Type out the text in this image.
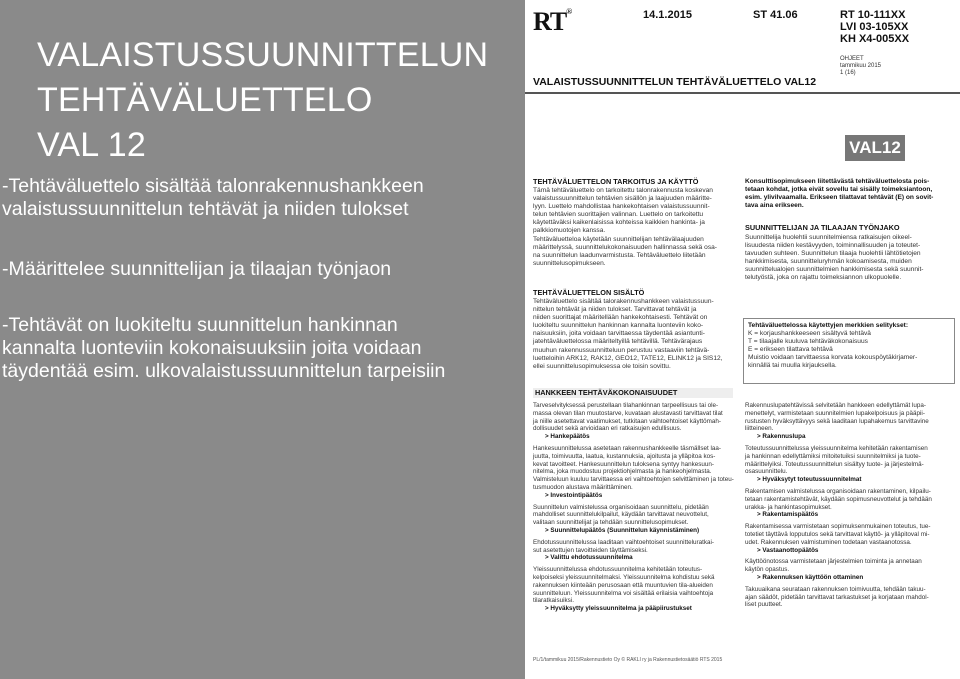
VALAISTUSSUUNNITTELUN
TEHTÄVÄLUETTELO
VAL 12
-Tehtäväluettelo sisältää talonrakennushankkeen
valaistussuunnittelun tehtävät ja niiden tulokset
-Määrittelee suunnittelijan ja tilaajan työnjaon
-Tehtävät on luokiteltu suunnittelun hankinnan
kannalta luonteviin kokonaisuuksiin joita voidaan
täydentää esim. ulkovalaistussuunnittelun tarpeisiin
RT®	14.1.2015	ST 41.06	RT 10-111XX
LVI 03-105XX
KH X4-005XX
OHJEET
tammikuu 2015
1 (16)
VALAISTUSSUUNNITTELUN TEHTÄVÄLUETTELO VAL12
VAL12
TEHTÄVÄLUETTELON TARKOITUS JA KÄYTTÖ
Tämä tehtäväluettelo on tarkoitettu talonrakennusta koskevan
valaistussuunnittelun tehtävien sisällön ja laajuuden määritte-
lyyn. Luettelo mahdollistaa hankekohtaisen valaistussuunnit-
telun tehtävien suorittajien valinnan. Luettelo on tarkoitettu
käytettäväksi kaikenlaisissa kohteissa kaikkien hankinta- ja
palkkiomuotojen kanssa.
Tehtäväluetteloa käytetään suunnittelijan tehtävälaajuuden
määrittelyssä, suunnittelukokonaisuuden hallinnassa sekä osa-
na suunnittelun laadunvarmistusta. Tehtäväluettelo liitetään
suunnittelusopimukseen.
TEHTÄVÄLUETTELON SISÄLTÖ
Tehtäväluettelo sisältää talorakennushankkeen valaistussuun-
nittelun tehtävät ja niiden tulokset. Tarvittavat tehtävät ja
niiden suorittajat määritellään hankekohtaisesti. Tehtävät on
luokiteltu suunnittelun hankinnan kannalta luonteviin koko-
naisuuksiin, joita voidaan tarvittaessa täydentää asiantunti-
jatehtäväluettelossa määriteltyillä tehtävillä. Tehtävärajaus
muuhun rakennussuunnitteluun perustuu vastaaviin tehtävä-
luetteloihin ARK12, RAK12, GEO12, TATE12, ELINK12 ja SIS12,
ellei suunnittelusopimuksessa ole toisin sovittu.
Konsulttisopimukseen liitettävästä tehtäväluettelosta pois-
tetaan kohdat, jotka eivät sovellu tai sisälly toimeksiantoon,
esim. ylivilvaamalla. Erikseen tilattavat tehtävät (E) on sovit-
tava aina erikseen.
SUUNNITTELIJAN JA TILAAJAN TYÖNJAKO
Suunnittelija huolehtii suunnitelmiensa ratkaisujen oikeel-
lisuudesta niiden kestävyyden, toiminnallisuuden ja toteutet-
tavuuden suhteen. Suunnittelun tilaaja huolehtii lähtötietojen
hankkimisesta, suunnitteluryhmän kokoamisesta, muiden
suunnittelualojen suunnittelmien hankkimisesta sekä suunnit-
telutyöstä, joka on rajattu toimeksiannon ulkopuolelle.

Tehtäväluettelossa käytettyjen merkkien selitykset:

K = korjaushankkeeseen sisältyvä tehtävä

T = tilaajalle kuuluva tehtäväkokonaisuus

E = erikseen tilattava tehtävä

Muistio voidaan tarvittaessa korvata kokouspöytäkirjamer-

kinnällä tai muulla kirjauksella.

HANKKEEN TEHTÄVÄKOKONAISUUDET
Tarveselvityksessä perustellaan tilahankinnan tarpeellisuus tai ole-
massa olevan tilan muutostarve, kuvataan alustavasti tarvittavat tilat
ja niille asetettavat vaatimukset, tutkitaan vaihtoehtoiset käyttömah-
dollisuudet sekä arvioidaan eri ratkaisujen edullisuus.
> Hankepäätös
Hankesuunnittelussa asetetaan rakennushankkeelle täsmällset laa-
juutta, toimivuutta, laatua, kustannuksia, ajoitusta ja ylläpitoa kos-
kevat tavoitteet. Hankesuunnittelun tuloksena syntyy hankesuun-
nitelma, joka muodostuu projektiohjelmasta ja hankeohjelmasta.
Valmisteluun kuuluu tarvittaessa eri vaihtoehtojen selvittäminen ja toteu-
tusmuodon alustava määrittäminen.
> Investointipäätös
Suunnittelun valmistelussa organisoidaan suunnittelu, pidetään
mahdolliset suunnittelukilpailut, käydään tarvittavat neuvottelut,
valitaan suunnittelijat ja tehdään suunnittelusopimukset.
> Suunnittelupäätös (Suunnittelun käynnistäminen)
Ehdotussuunnittelussa laaditaan vaihtoehtoiset suunnitteluratkai-
sut asetettujen tavoitteiden täyttämiseksi.
> Valittu ehdotussuunnitelma
Yleissuunnittelussa ehdotussuunnitelma kehitetään toteutus-
kelpoiseksi yleissuunnitelmaksi. Yleissuunnitelma kohdistuu sekä
rakennuksen kiinteään perusosaan että muuntuvien tila-alueiden
suunnitteluun. Yleissuunnitelma voi sisältää erilaisia vaihtoehtoja
tilaratkaisuiksi.
> Hyväksytty yleissuunnitelma ja pääpiirustukset
Rakennuslupatehtävissä selvitetään hankkeen edellyttämät lupa-
menettelyt, varmistetaan suunnitelmien lupakelpoisuus ja pääpii-
rustusten hyväksyttävyys sekä laaditaan lupahakemus tarvittavine
liitteineen.
> Rakennuslupa
Toteutussuunnittelussa yleissuunnitelma kehitetään rakentamisen
ja hankinnan edellyttämiksi mitoitetuiksi suunnitelmiksi ja tuote-
määrittelyiksi. Toteutussuunnittelun sisältyy tuote- ja järjestelmä-
osasuunnittelu.
> Hyväksytyt toteutussuunnitelmat
Rakentamisen valmistelussa organisoidaan rakentaminen, kilpailu-
tetaan rakentamistehtävät, käydään sopimusneuvottelut ja tehdään
urakka- ja hankintasopimukset.
> Rakentamispäätös
Rakentamisessa varmistetaan sopimuksenmukainen toteutus, tue-
totetiet täyttävä lopputulos sekä tarvittavat käyttö- ja ylläpitoval mi-
udet. Rakennuksen valmistuminen todetaan vastaanotossa.
> Vastaanottopäätös
Käyttöönotossa varmistetaan järjestelmien toiminta ja annetaan
käytön opastus.
> Rakennuksen käyttöön ottaminen
Takuuaikana seurataan rakennuksen toimivuutta, tehdään takuu-
ajan säädöt, pidetään tarvittavat tarkastukset ja korjataan mahdol-
liset puutteet.
PL/1/tammikuu 2015/Rakennustieto Oy © RAKLI ry ja Rakennustietosäätiö RTS 2015
